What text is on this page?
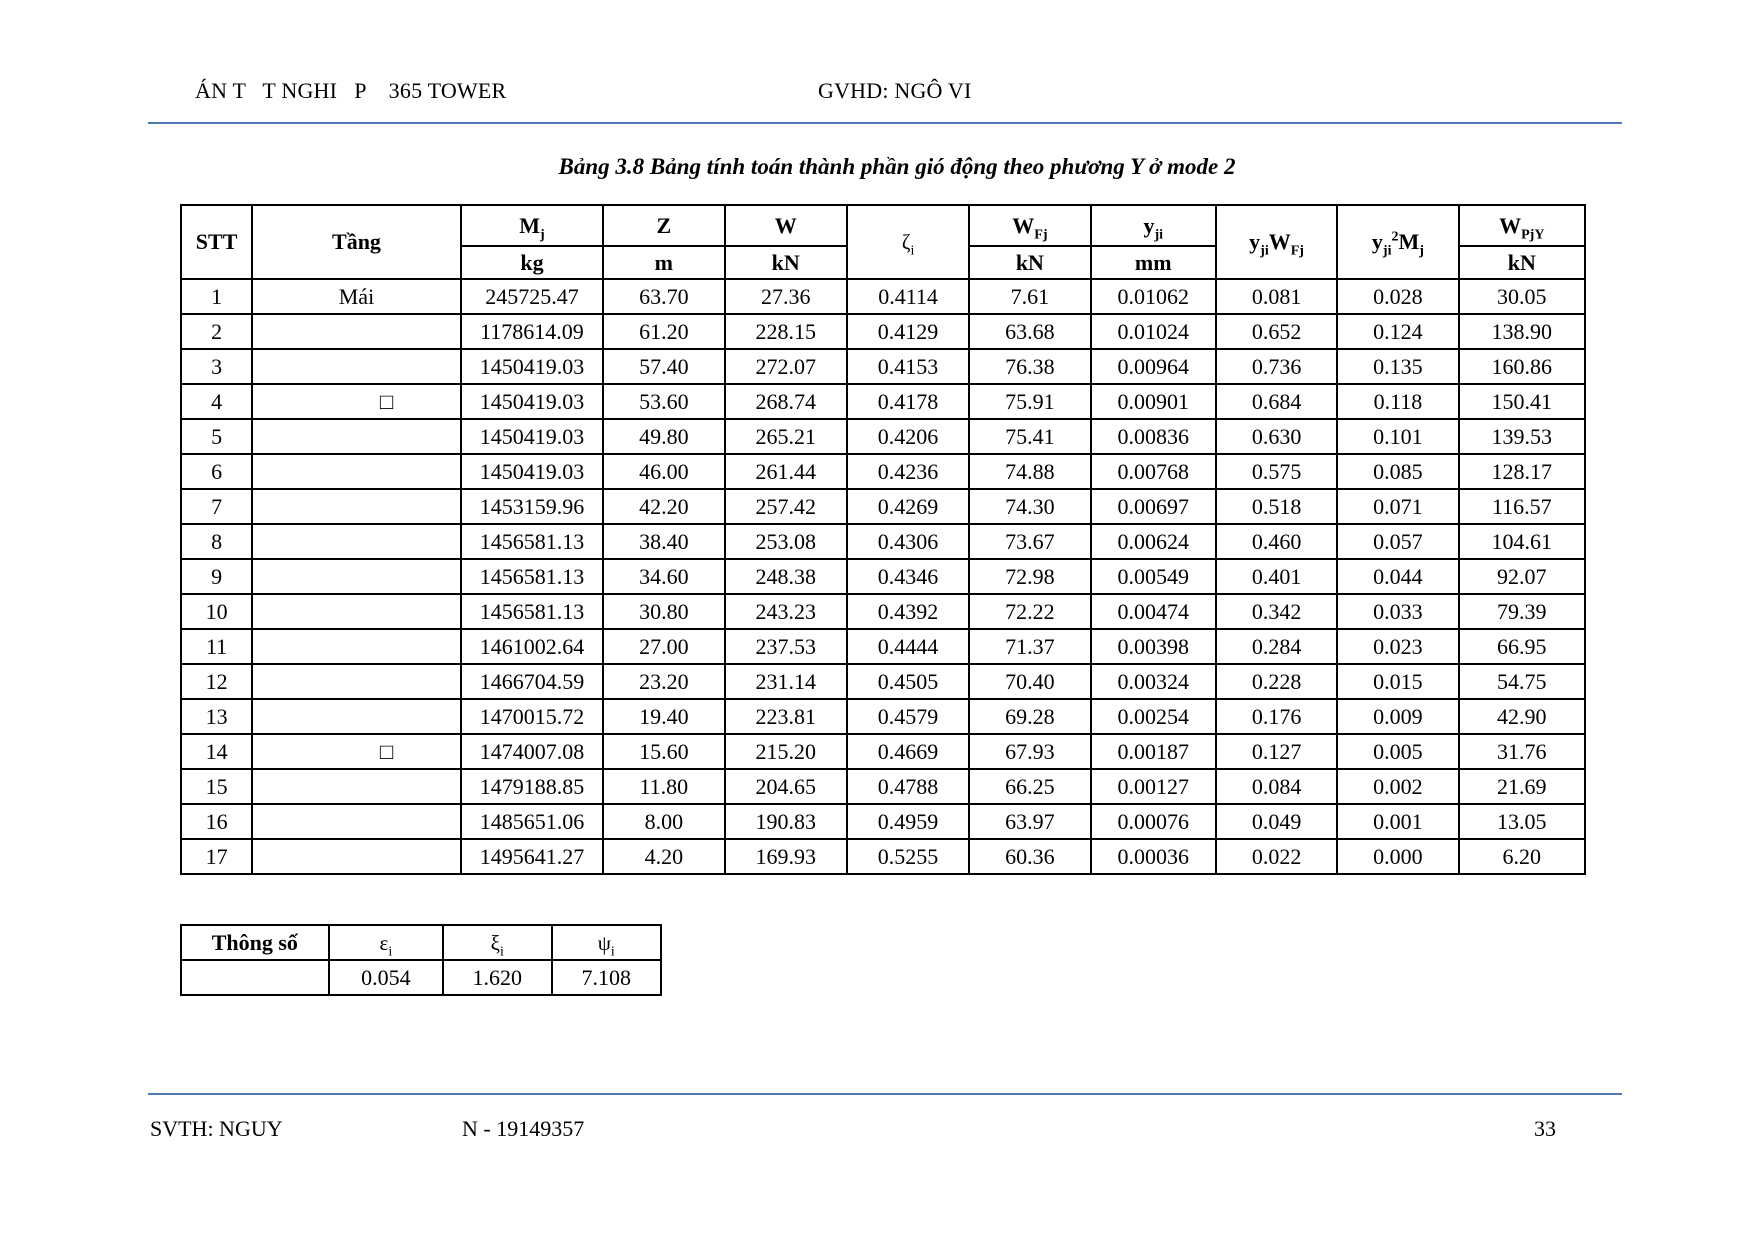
ÁN T   T NGHI   P    365 TOWER	GVHD: NGÔ VI
Bảng 3.8 Bảng tính toán thành phần gió động theo phương Y ở mode 2
STT	Tầng	$M_j$	Z	W	$\zeta_i$	$W_{Fj}$	$y_{ji}$	$y_{ji}W_{Fj}$	$y_{ji}^2M_j$	$W_{PjY}$
		kg	m	kN		kN	mm			kN
1	Mái	245725.47	63.70	27.36	0.4114	7.61	0.01062	0.081	0.028	30.05
2		1178614.09	61.20	228.15	0.4129	63.68	0.01024	0.652	0.124	138.90
3		1450419.03	57.40	272.07	0.4153	76.38	0.00964	0.736	0.135	160.86
4	□	1450419.03	53.60	268.74	0.4178	75.91	0.00901	0.684	0.118	150.41
5		1450419.03	49.80	265.21	0.4206	75.41	0.00836	0.630	0.101	139.53
6		1450419.03	46.00	261.44	0.4236	74.88	0.00768	0.575	0.085	128.17
7		1453159.96	42.20	257.42	0.4269	74.30	0.00697	0.518	0.071	116.57
8		1456581.13	38.40	253.08	0.4306	73.67	0.00624	0.460	0.057	104.61
9		1456581.13	34.60	248.38	0.4346	72.98	0.00549	0.401	0.044	92.07
10		1456581.13	30.80	243.23	0.4392	72.22	0.00474	0.342	0.033	79.39
11		1461002.64	27.00	237.53	0.4444	71.37	0.00398	0.284	0.023	66.95
12		1466704.59	23.20	231.14	0.4505	70.40	0.00324	0.228	0.015	54.75
13		1470015.72	19.40	223.81	0.4579	69.28	0.00254	0.176	0.009	42.90
14	□	1474007.08	15.60	215.20	0.4669	67.93	0.00187	0.127	0.005	31.76
15		1479188.85	11.80	204.65	0.4788	66.25	0.00127	0.084	0.002	21.69
16		1485651.06	8.00	190.83	0.4959	63.97	0.00076	0.049	0.001	13.05
17		1495641.27	4.20	169.93	0.5255	60.36	0.00036	0.022	0.000	6.20
Thông số	$\varepsilon_i$	$\xi_i$	$\psi_i$
	0.054	1.620	7.108
SVTH: NGUY	N - 19149357	33
